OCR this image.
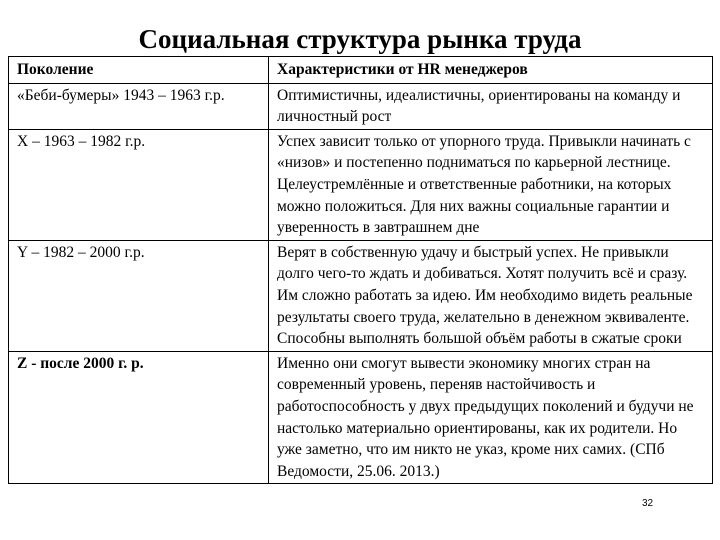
Социальная структура рынка труда
Поколение	Характеристики от HR менеджеров
«Беби-бумеры» 1943 – 1963 г.р.	Оптимистичны, идеалистичны, ориентированы на команду и личностный рост
X – 1963 – 1982 г.р.	Успех зависит только от упорного труда. Привыкли начинать с «низов» и постепенно подниматься по карьерной лестнице. Целеустремлённые и ответственные работники, на которых можно положиться. Для них важны социальные гарантии и уверенность в завтрашнем дне
Y – 1982 – 2000 г.р.	Верят в собственную удачу и быстрый успех. Не привыкли долго чего-то ждать и добиваться. Хотят получить всё и сразу. Им сложно работать за идею. Им необходимо видеть реальные результаты своего труда, желательно в денежном эквиваленте. Способны выполнять большой объём работы в сжатые сроки
Z - после 2000 г. р.	Именно они смогут вывести экономику многих стран на современный уровень, переняв настойчивость и работоспособность у двух предыдущих поколений и будучи не настолько материально ориентированы, как их родители. Но уже заметно, что им никто не указ, кроме них самих. (СПб Ведомости, 25.06. 2013.)
32
